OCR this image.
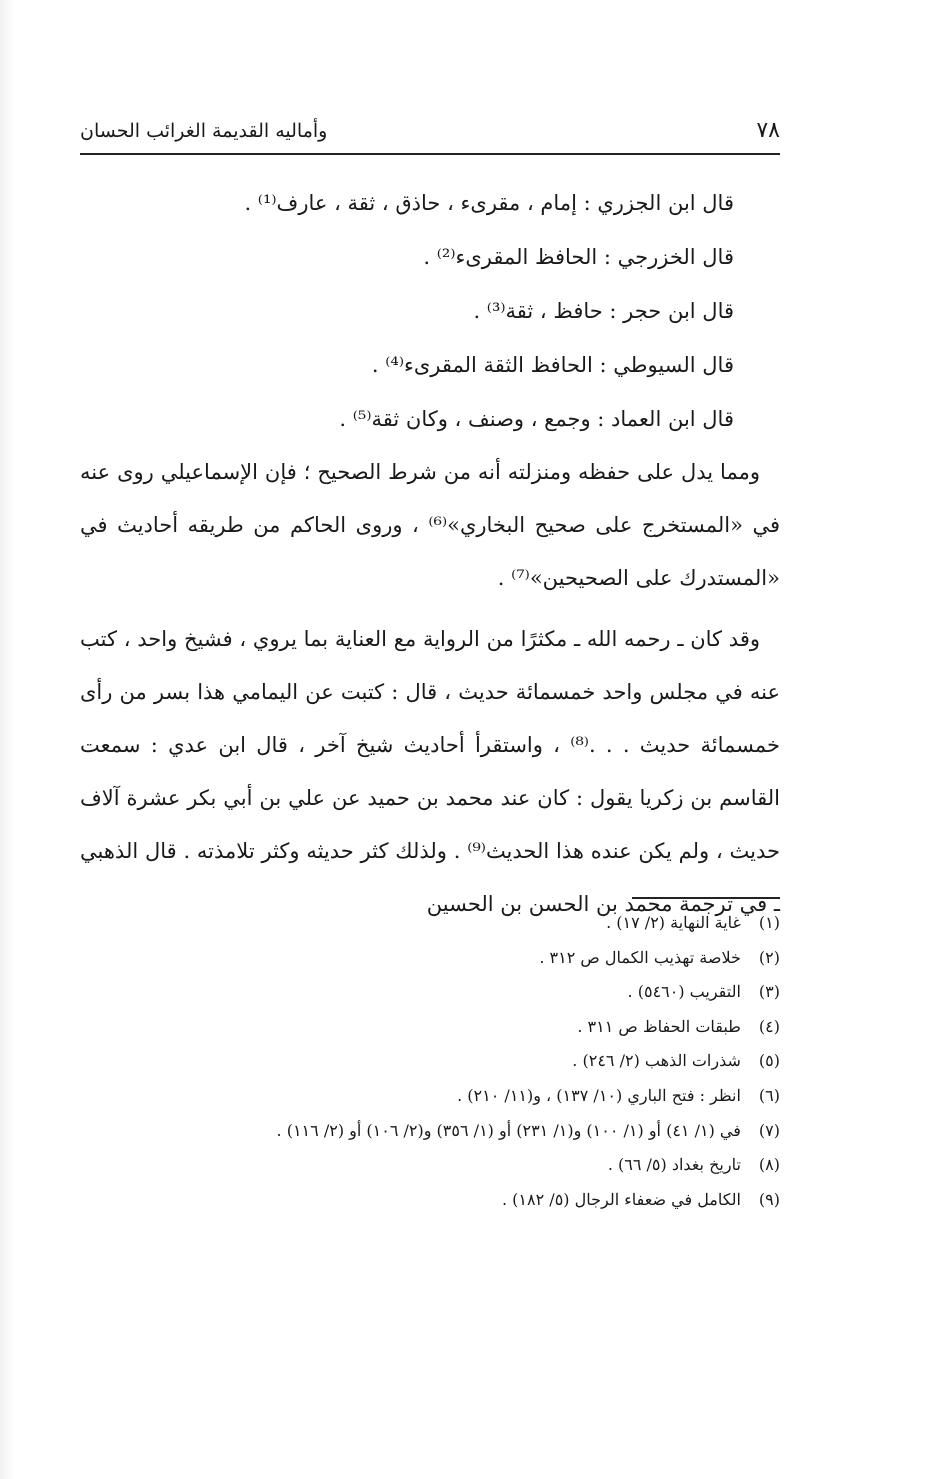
٧٨
وأماليه القديمة الغرائب الحسان
قال ابن الجزري : إمام ، مقرىء ، حاذق ، ثقة ، عارف⁽¹⁾ .
قال الخزرجي : الحافظ المقرىء⁽²⁾ .
قال ابن حجر : حافظ ، ثقة⁽³⁾ .
قال السيوطي : الحافظ الثقة المقرىء⁽⁴⁾ .
قال ابن العماد : وجمع ، وصنف ، وكان ثقة⁽⁵⁾ .

ومما يدل على حفظه ومنزلته أنه من شرط الصحيح ؛ فإن الإسماعيلي روى عنه في «المستخرج على صحيح البخاري»⁽⁶⁾ ، وروى الحاكم من طريقه أحاديث في «المستدرك على الصحيحين»⁽⁷⁾ .

وقد كان ـ رحمه الله ـ مكثرًا من الرواية مع العناية بما يروي ، فشيخ واحد ، كتب عنه في مجلس واحد خمسمائة حديث ، قال : كتبت عن اليمامي هذا بسر من رأى خمسمائة حديث . . .⁽⁸⁾ ، واستقرأ أحاديث شيخ آخر ، قال ابن عدي : سمعت القاسم بن زكريا يقول : كان عند محمد بن حميد عن علي بن أبي بكر عشرة آلاف حديث ، ولم يكن عنده هذا الحديث⁽⁹⁾ . ولذلك كثر حديثه وكثر تلامذته . قال الذهبي ـ في ترجمة محمد بن الحسن بن الحسين

(١) غاية النهاية (٢/ ١٧) .
(٢) خلاصة تهذيب الكمال ص ٣١٢ .
(٣) التقريب (٥٤٦٠) .
(٤) طبقات الحفاظ ص ٣١١ .
(٥) شذرات الذهب (٢/ ٢٤٦) .
(٦) انظر : فتح الباري (١٠/ ١٣٧) ، و(١١/ ٢١٠) .
(٧) في (١/ ٤١) أو (١/ ١٠٠) و(١/ ٢٣١) أو (١/ ٣٥٦) و(٢/ ١٠٦) أو (٢/ ١١٦) .
(٨) تاريخ بغداد (٥/ ٦٦) .
(٩) الكامل في ضعفاء الرجال (٥/ ١٨٢) .
